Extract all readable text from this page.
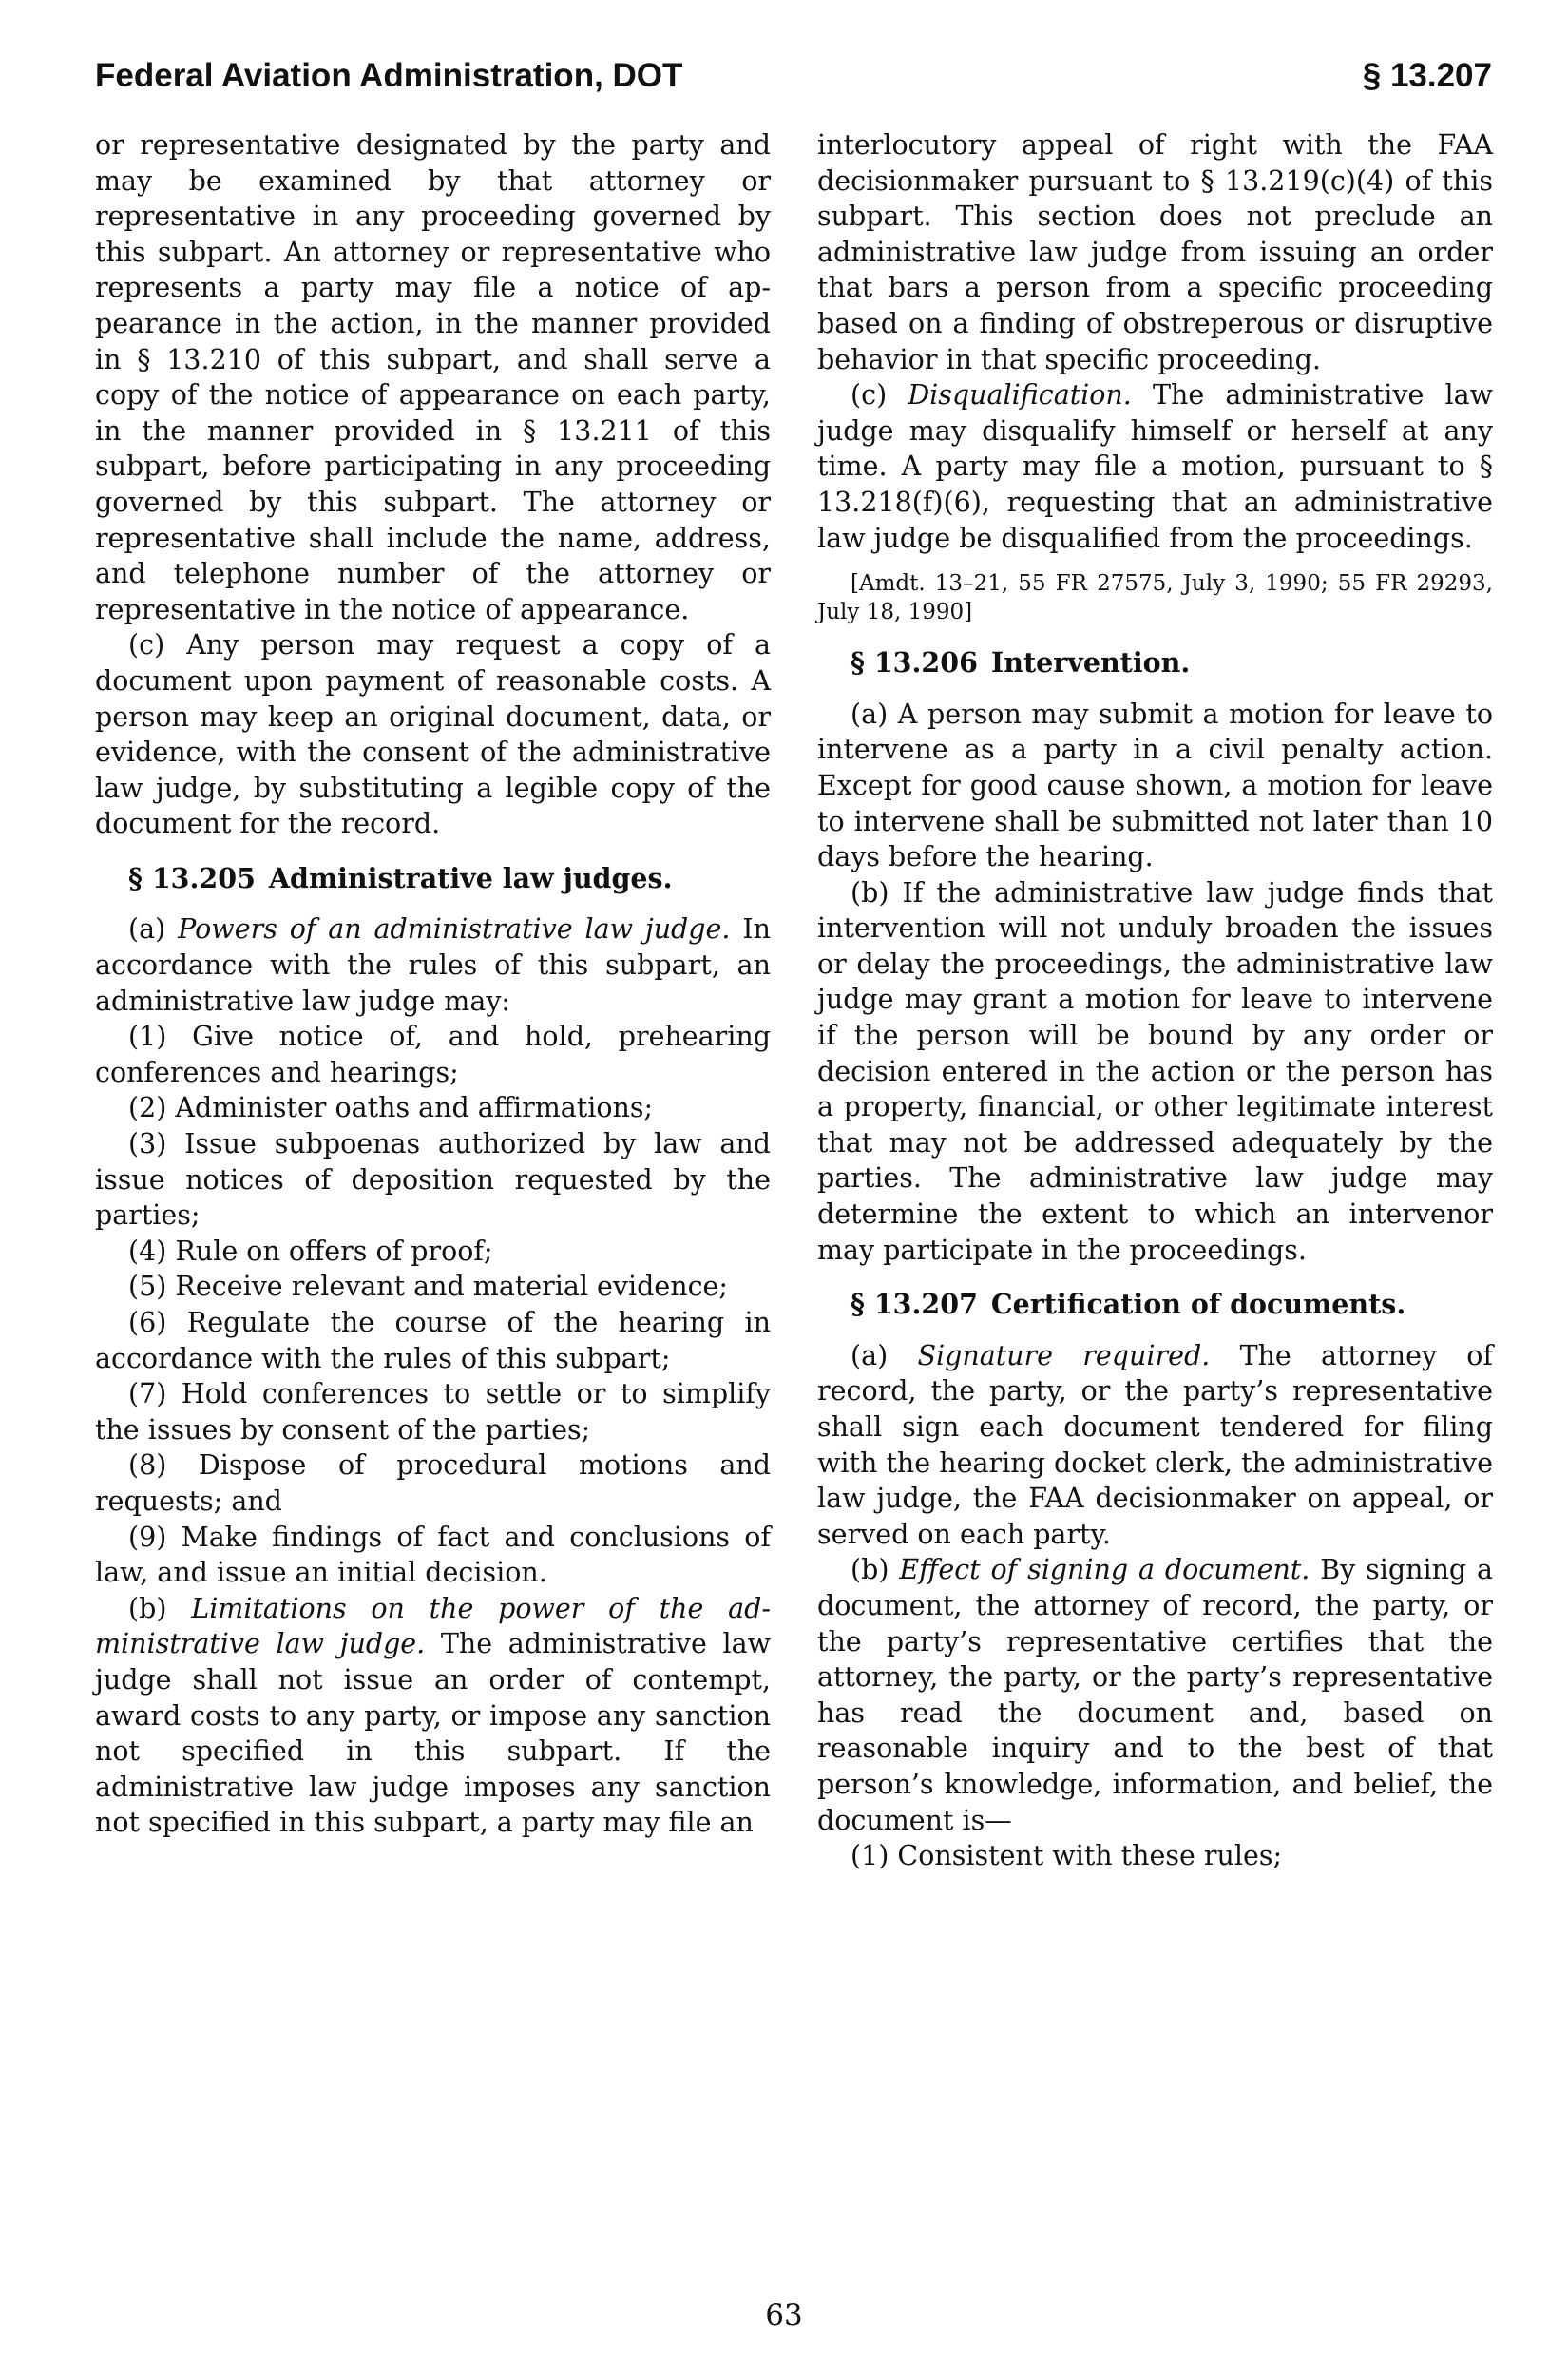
Federal Aviation Administration, DOT	§ 13.207

or representative designated by the party and may be examined by that attorney or representative in any proceeding governed by this subpart. An attorney or representative who represents a party may file a notice of appearance in the action, in the manner provided in § 13.210 of this subpart, and shall serve a copy of the notice of appearance on each party, in the manner provided in § 13.211 of this subpart, before participating in any proceeding governed by this subpart. The attorney or representative shall include the name, address, and telephone number of the attorney or representative in the notice of appearance.

(c) Any person may request a copy of a document upon payment of reasonable costs. A person may keep an original document, data, or evidence, with the consent of the administrative law judge, by substituting a legible copy of the document for the record.

§ 13.205 Administrative law judges.

(a) Powers of an administrative law judge. In accordance with the rules of this subpart, an administrative law judge may:

(1) Give notice of, and hold, prehearing conferences and hearings;

(2) Administer oaths and affirmations;

(3) Issue subpoenas authorized by law and issue notices of deposition requested by the parties;

(4) Rule on offers of proof;

(5) Receive relevant and material evidence;

(6) Regulate the course of the hearing in accordance with the rules of this subpart;

(7) Hold conferences to settle or to simplify the issues by consent of the parties;

(8) Dispose of procedural motions and requests; and

(9) Make findings of fact and conclusions of law, and issue an initial decision.

(b) Limitations on the power of the administrative law judge. The administrative law judge shall not issue an order of contempt, award costs to any party, or impose any sanction not specified in this subpart. If the administrative law judge imposes any sanction not specified in this subpart, a party may file an

interlocutory appeal of right with the FAA decisionmaker pursuant to § 13.219(c)(4) of this subpart. This section does not preclude an administrative law judge from issuing an order that bars a person from a specific proceeding based on a finding of obstreperous or disruptive behavior in that specific proceeding.

(c) Disqualification. The administrative law judge may disqualify himself or herself at any time. A party may file a motion, pursuant to § 13.218(f)(6), requesting that an administrative law judge be disqualified from the proceedings.

[Amdt. 13–21, 55 FR 27575, July 3, 1990; 55 FR 29293, July 18, 1990]

§ 13.206 Intervention.

(a) A person may submit a motion for leave to intervene as a party in a civil penalty action. Except for good cause shown, a motion for leave to intervene shall be submitted not later than 10 days before the hearing.

(b) If the administrative law judge finds that intervention will not unduly broaden the issues or delay the proceedings, the administrative law judge may grant a motion for leave to intervene if the person will be bound by any order or decision entered in the action or the person has a property, financial, or other legitimate interest that may not be addressed adequately by the parties. The administrative law judge may determine the extent to which an intervenor may participate in the proceedings.

§ 13.207 Certification of documents.

(a) Signature required. The attorney of record, the party, or the party’s representative shall sign each document tendered for filing with the hearing docket clerk, the administrative law judge, the FAA decisionmaker on appeal, or served on each party.

(b) Effect of signing a document. By signing a document, the attorney of record, the party, or the party’s representative certifies that the attorney, the party, or the party’s representative has read the document and, based on reasonable inquiry and to the best of that person’s knowledge, information, and belief, the document is—

(1) Consistent with these rules;

63
